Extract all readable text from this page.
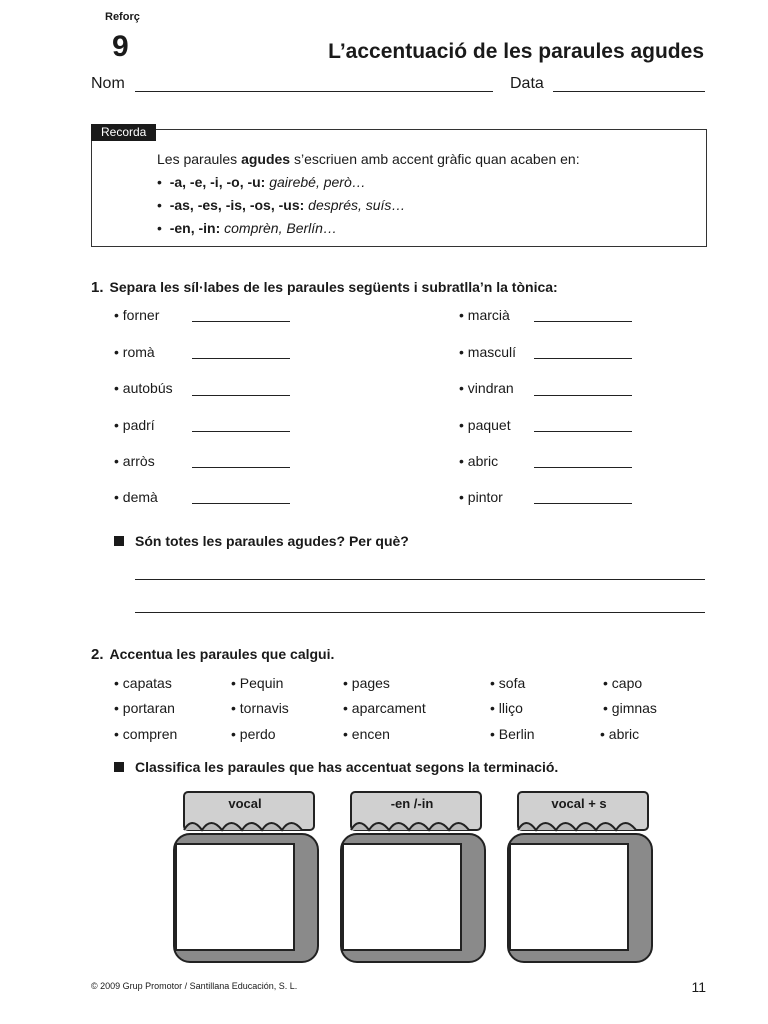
Reforç
9	L’accentuació de les paraules agudes
Nom	Data
Recorda
Les paraules agudes s’escriuen amb accent gràfic quan acaben en:
•  -a, -e, -i, -o, -u: gairebé, però…
•  -as, -es, -is, -os, -us: després, suís…
•  -en, -in: comprèn, Berlín…
1. Separa les síl·labes de les paraules següents i subratlla’n la tònica:
• forner
• romà
• autobús
• padrí
• arròs
• demà
• marcià
• masculí
• vindran
• paquet
• abric
• pintor
Són totes les paraules agudes? Per què?
2. Accentua les paraules que calgui.
• capatas	• Pequin	• pages	• sofa	• capo
• portaran	• tornavis	• aparcament	• lliço	• gimnas
• compren	• perdo	• encen	• Berlin	• abric
Classifica les paraules que has accentuat segons la terminació.
vocal	-en /-in	vocal + s
© 2009 Grup Promotor / Santillana Educación, S. L.	11
